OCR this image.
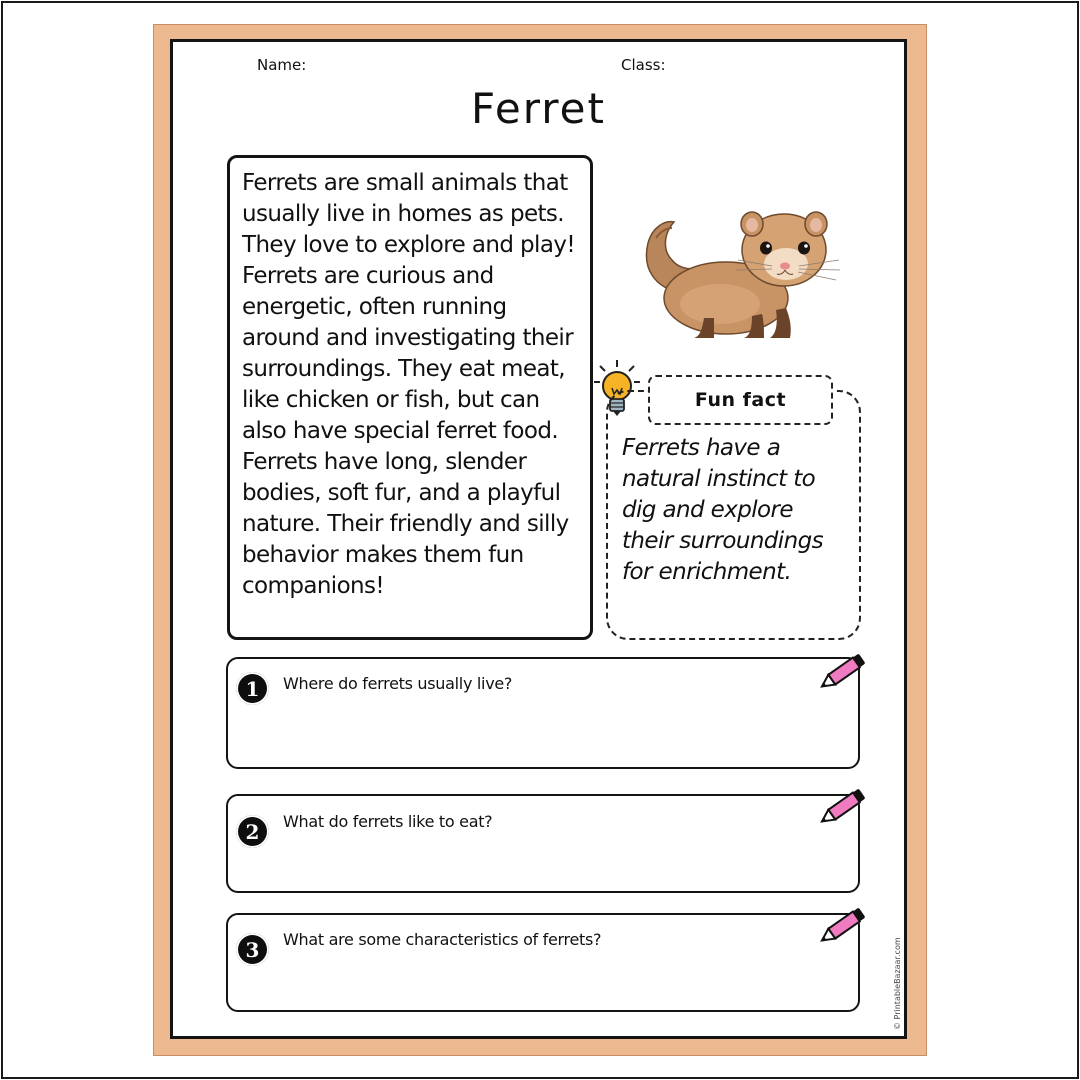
Name:	Class:
Ferret

Ferrets are small animals that usually live in homes as pets. They love to explore and play! Ferrets are curious and energetic, often running around and investigating their surroundings. They eat meat, like chicken or fish, but can also have special ferret food. Ferrets have long, slender bodies, soft fur, and a playful nature. Their friendly and silly behavior makes them fun companions!

Fun fact

Ferrets have a natural instinct to dig and explore their surroundings for enrichment.

1	Where do ferrets usually live?
2	What do ferrets like to eat?
3	What are some characteristics of ferrets?	© PrintableBazaar.com
